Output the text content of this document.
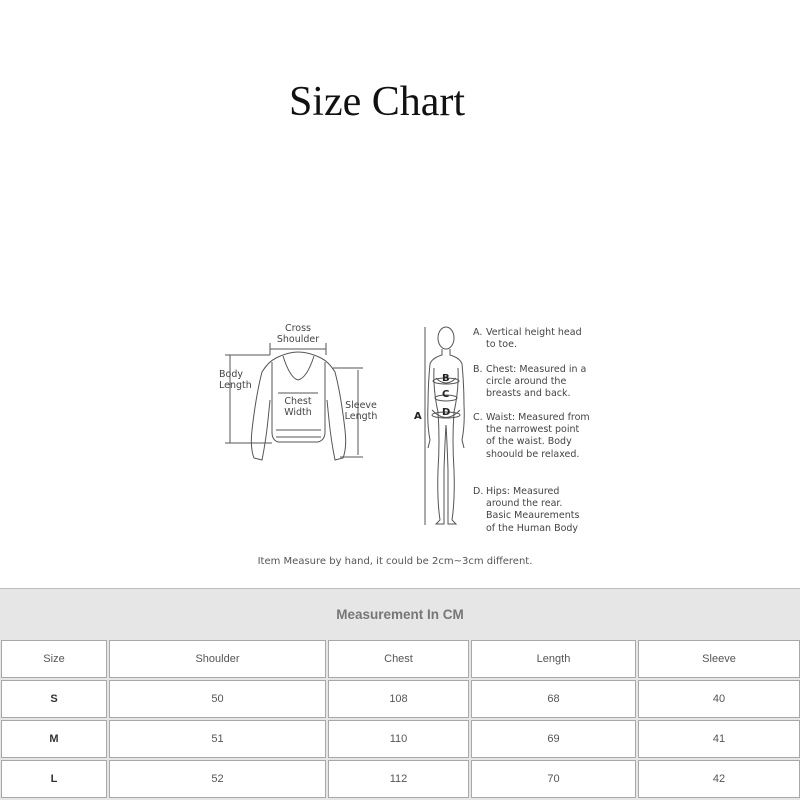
Size Chart
Cross Shoulder
Body Length
Chest Width
Sleeve Length	A
B
C
D
A. Vertical height head to toe.
B. Chest: Measured in a circle around the breasts and back.
C. Waist: Measured from the narrowest point of the waist. Body shoould be relaxed.
D. Hips: Measured around the rear. Basic Meaurements of the Human Body
Item Measure by hand, it could be 2cm~3cm different.
Measurement In CM
Size	Shoulder	Chest	Length	Sleeve
S	50	108	68	40
M	51	110	69	41
L	52	112	70	42
